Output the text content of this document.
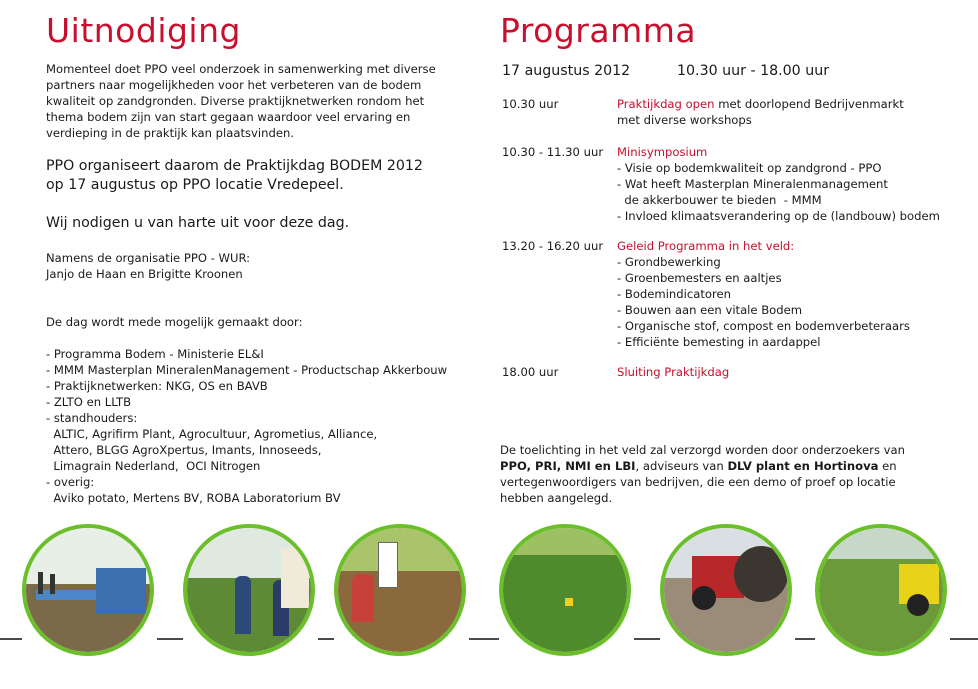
Uitnodiging	Programma

Momenteel doet PPO veel onderzoek in samenwerking met diverse

partners naar mogelijkheden voor het verbeteren van de bodem

kwaliteit op zandgronden. Diverse praktijknetwerken rondom het

thema bodem zijn van start gegaan waardoor veel ervaring en

verdieping in de praktijk kan plaatsvinden.

PPO organiseert daarom de Praktijkdag BODEM 2012

op 17 augustus op PPO locatie Vredepeel.

Wij nodigen u van harte uit voor deze dag.

Namens de organisatie PPO - WUR:

Janjo de Haan en Brigitte Kroonen

De dag wordt mede mogelijk gemaakt door:

- Programma Bodem - Ministerie EL&I

- MMM Masterplan MineralenManagement - Productschap Akkerbouw

- Praktijknetwerken: NKG, OS en BAVB

- ZLTO en LLTB

- standhouders:

ALTIC, Agrifirm Plant, Agrocultuur, Agrometius, Alliance,

Attero, BLGG AgroXpertus, Imants, Innoseeds,

Limagrain Nederland,  OCI Nitrogen

- overig:

Aviko potato, Mertens BV, ROBA Laboratorium BV

17 augustus 2012	10.30 uur - 18.00 uur

10.30 uur	Praktijkdag open met doorlopend Bedrijvenmarkt

met diverse workshops

10.30 - 11.30 uur Minisymposium

- Visie op bodemkwaliteit op zandgrond - PPO

- Wat heeft Masterplan Mineralenmanagement

de akkerbouwer te bieden  - MMM

- Invloed klimaatsverandering op de (landbouw) bodem

13.20 - 16.20 uur Geleid Programma in het veld:

- Grondbewerking

- Groenbemesters en aaltjes

- Bodemindicatoren

- Bouwen aan een vitale Bodem

- Organische stof, compost en bodemverbeteraars

- Efficiënte bemesting in aardappel

18.00 uur	Sluiting Praktijkdag

De toelichting in het veld zal verzorgd worden door onderzoekers van

PPO, PRI, NMI en LBI, adviseurs van DLV plant en Hortinova en

vertegenwoordigers van bedrijven, die een demo of proef op locatie

hebben aangelegd.
